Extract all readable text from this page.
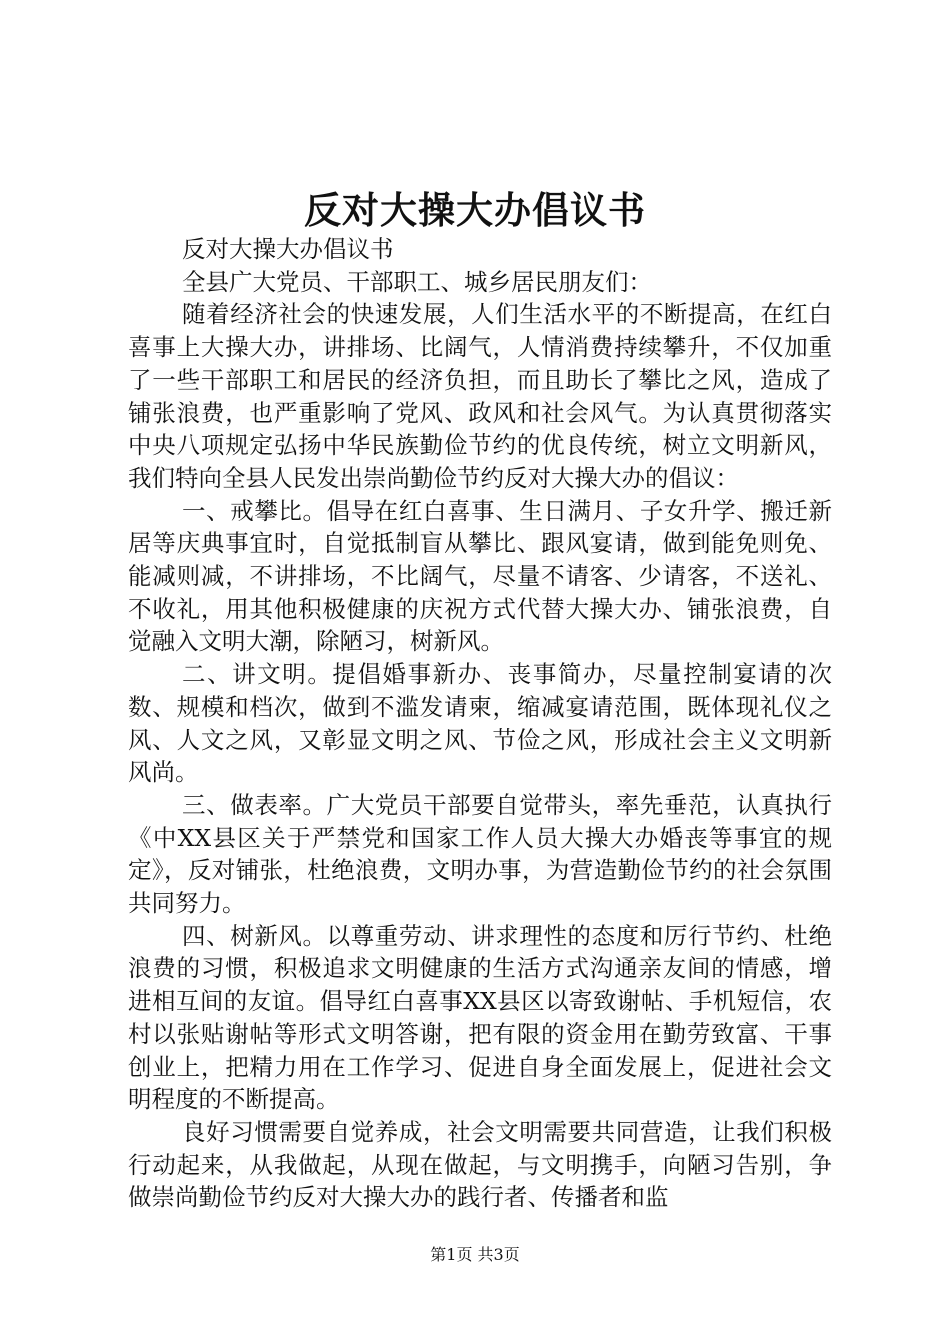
反对大操大办倡议书

反对大操大办倡议书

全县广大党员、干部职工、城乡居民朋友们：

随着经济社会的快速发展，人们生活水平的不断提高，在红白喜事上大操大办，讲排场、比阔气，人情消费持续攀升，不仅加重了一些干部职工和居民的经济负担，而且助长了攀比之风，造成了铺张浪费，也严重影响了党风、政风和社会风气。为认真贯彻落实中央八项规定弘扬中华民族勤俭节约的优良传统，树立文明新风，我们特向全县人民发出崇尚勤俭节约反对大操大办的倡议：

一、戒攀比。倡导在红白喜事、生日满月、子女升学、搬迁新居等庆典事宜时，自觉抵制盲从攀比、跟风宴请，做到能免则免、能减则减，不讲排场，不比阔气，尽量不请客、少请客，不送礼、不收礼，用其他积极健康的庆祝方式代替大操大办、铺张浪费，自觉融入文明大潮，除陋习，树新风。

二、讲文明。提倡婚事新办、丧事简办，尽量控制宴请的次数、规模和档次，做到不滥发请柬，缩减宴请范围，既体现礼仪之风、人文之风，又彰显文明之风、节俭之风，形成社会主义文明新风尚。

三、做表率。广大党员干部要自觉带头，率先垂范，认真执行《中XX县区关于严禁党和国家工作人员大操大办婚丧等事宜的规定》，反对铺张，杜绝浪费，文明办事，为营造勤俭节约的社会氛围共同努力。

四、树新风。以尊重劳动、讲求理性的态度和厉行节约、杜绝浪费的习惯，积极追求文明健康的生活方式沟通亲友间的情感，增进相互间的友谊。倡导红白喜事XX县区以寄致谢帖、手机短信，农村以张贴谢帖等形式文明答谢，把有限的资金用在勤劳致富、干事创业上，把精力用在工作学习、促进自身全面发展上，促进社会文明程度的不断提高。

良好习惯需要自觉养成，社会文明需要共同营造，让我们积极行动起来，从我做起，从现在做起，与文明携手，向陋习告别，争做崇尚勤俭节约反对大操大办的践行者、传播者和监

第1页 共3页
